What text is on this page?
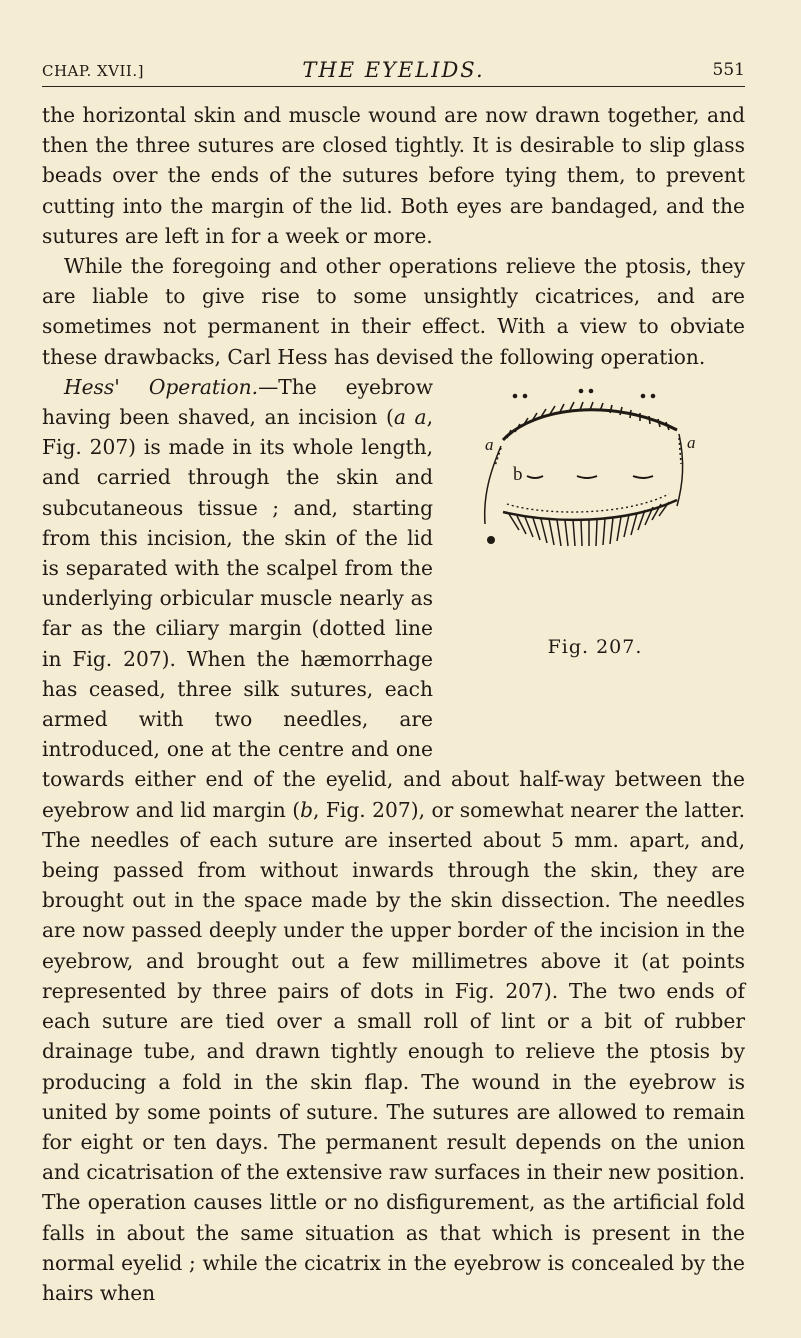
CHAP. XVII.]	THE EYELIDS.	551

the horizontal skin and muscle wound are now drawn together, and then the three sutures are closed tightly. It is desirable to slip glass beads over the ends of the sutures before tying them, to prevent cutting into the margin of the lid. Both eyes are bandaged, and the sutures are left in for a week or more.

While the foregoing and other operations relieve the ptosis, they are liable to give rise to some unsightly cicatrices, and are sometimes not permanent in their effect. With a view to obviate these drawbacks, Carl Hess has devised the following operation.

a	a
b
Fig. 207.

Hess' Operation.—The eyebrow having been shaved, an incision (a a, Fig. 207) is made in its whole length, and carried through the skin and subcutaneous tissue ; and, starting from this incision, the skin of the lid is separated with the scalpel from the underlying orbicular muscle nearly as far as the ciliary margin (dotted line in Fig. 207). When the hæmorrhage has ceased, three silk sutures, each armed with two needles, are introduced, one at the centre and one towards either end of the eyelid, and about half-way between the eyebrow and lid margin (b, Fig. 207), or somewhat nearer the latter. The needles of each suture are inserted about 5 mm. apart, and, being passed from without inwards through the skin, they are brought out in the space made by the skin dissection. The needles are now passed deeply under the upper border of the incision in the eyebrow, and brought out a few millimetres above it (at points represented by three pairs of dots in Fig. 207). The two ends of each suture are tied over a small roll of lint or a bit of rubber drainage tube, and drawn tightly enough to relieve the ptosis by producing a fold in the skin flap. The wound in the eyebrow is united by some points of suture. The sutures are allowed to remain for eight or ten days. The permanent result depends on the union and cicatrisation of the extensive raw surfaces in their new position. The operation causes little or no disfigurement, as the artificial fold falls in about the same situation as that which is present in the normal eyelid ; while the cicatrix in the eyebrow is concealed by the hairs when
